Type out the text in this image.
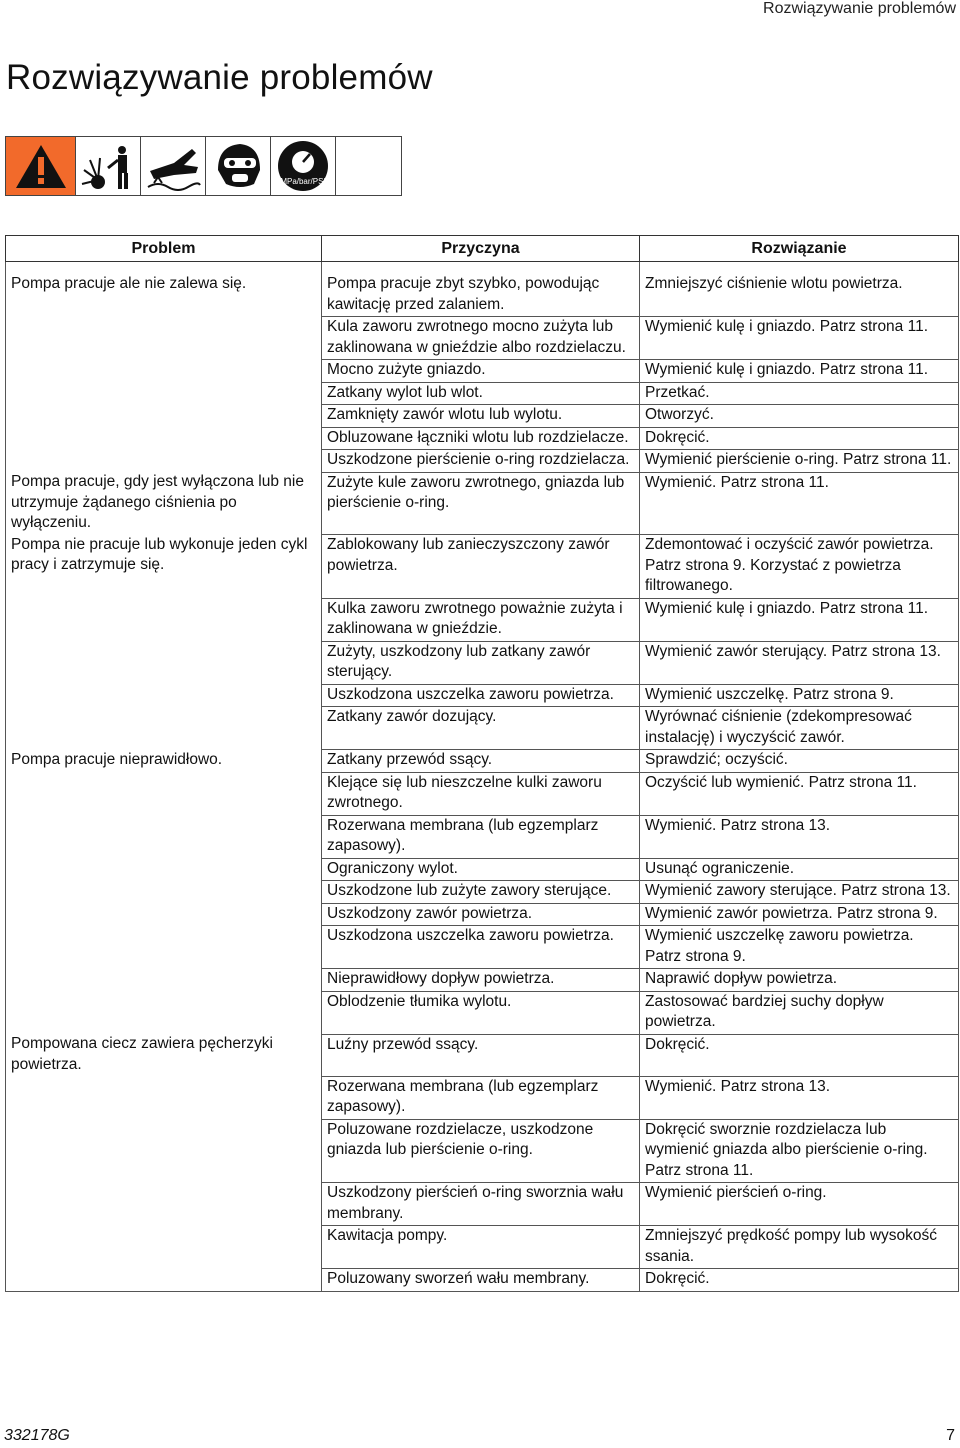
Rozwiązywanie problemów
Rozwiązywanie problemów
MPa/bar/PSI
Problem	Przyczyna	Rozwiązanie
Pompa pracuje ale nie zalewa się.	Pompa pracuje zbyt szybko, powodując kawitację przed zalaniem.	Zmniejszyć ciśnienie wlotu powietrza.
	Kula zaworu zwrotnego mocno zużyta lub zaklinowana w gnieździe albo rozdzielaczu.	Wymienić kulę i gniazdo. Patrz strona 11.
	Mocno zużyte gniazdo.	Wymienić kulę i gniazdo. Patrz strona 11.
	Zatkany wylot lub wlot.	Przetkać.
	Zamknięty zawór wlotu lub wylotu.	Otworzyć.
	Obluzowane łączniki wlotu lub rozdzielacze.	Dokręcić.
	Uszkodzone pierścienie o-ring rozdzielacza.	Wymienić pierścienie o-ring. Patrz strona 11.
Pompa pracuje, gdy jest wyłączona lub nie utrzymuje żądanego ciśnienia po wyłączeniu.	Zużyte kule zaworu zwrotnego, gniazda lub pierścienie o-ring.	Wymienić. Patrz strona 11.
Pompa nie pracuje lub wykonuje jeden cykl pracy i zatrzymuje się.	Zablokowany lub zanieczyszczony zawór powietrza.	Zdemontować i oczyścić zawór powietrza. Patrz strona 9. Korzystać z powietrza filtrowanego.
	Kulka zaworu zwrotnego poważnie zużyta i zaklinowana w gnieździe.	Wymienić kulę i gniazdo. Patrz strona 11.
	Zużyty, uszkodzony lub zatkany zawór sterujący.	Wymienić zawór sterujący. Patrz strona 13.
	Uszkodzona uszczelka zaworu powietrza.	Wymienić uszczelkę. Patrz strona 9.
	Zatkany zawór dozujący.	Wyrównać ciśnienie (zdekompresować instalację) i wyczyścić zawór.
Pompa pracuje nieprawidłowo.	Zatkany przewód ssący.	Sprawdzić; oczyścić.
	Klejące się lub nieszczelne kulki zaworu zwrotnego.	Oczyścić lub wymienić. Patrz strona 11.
	Rozerwana membrana (lub egzemplarz zapasowy).	Wymienić. Patrz strona 13.
	Ograniczony wylot.	Usunąć ograniczenie.
	Uszkodzone lub zużyte zawory sterujące.	Wymienić zawory sterujące. Patrz strona 13.
	Uszkodzony zawór powietrza.	Wymienić zawór powietrza. Patrz strona 9.
	Uszkodzona uszczelka zaworu powietrza.	Wymienić uszczelkę zaworu powietrza. Patrz strona 9.
	Nieprawidłowy dopływ powietrza.	Naprawić dopływ powietrza.
	Oblodzenie tłumika wylotu.	Zastosować bardziej suchy dopływ powietrza.
Pompowana ciecz zawiera pęcherzyki powietrza.	Luźny przewód ssący.	Dokręcić.
	Rozerwana membrana (lub egzemplarz zapasowy).	Wymienić. Patrz strona 13.
	Poluzowane rozdzielacze, uszkodzone gniazda lub pierścienie o-ring.	Dokręcić sworznie rozdzielacza lub wymienić gniazda albo pierścienie o-ring. Patrz strona 11.
	Uszkodzony pierścień o-ring sworznia wału membrany.	Wymienić pierścień o-ring.
	Kawitacja pompy.	Zmniejszyć prędkość pompy lub wysokość ssania.
	Poluzowany sworzeń wału membrany.	Dokręcić.
332178G	7
